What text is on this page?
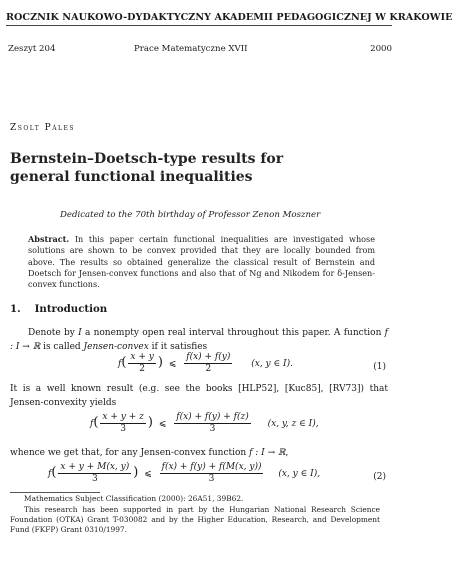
ROCZNIK NAUKOWO-DYDAKTYCZNY AKADEMII PEDAGOGICZNEJ W KRAKOWIE
Zeszyt 204	Prace Matematyczne XVII	2000
Zsolt Páles
Bernstein–Doetsch-type results for general functional inequalities
Dedicated to the 70th birthday of Professor Zenon Moszner
Abstract. In this paper certain functional inequalities are investigated whose solutions are shown to be convex provided that they are locally bounded from above. The results so obtained generalize the classical result of Bernstein and Doetsch for Jensen-convex functions and also that of Ng and Nikodem for δ-Jensen-convex functions.
1. Introduction
Denote by I a nonempty open real interval throughout this paper. A function f : I → ℝ is called Jensen-convex if it satisfies
$f( \frac{x + y}{2}$ ) ⩽ $\frac{f(x) + f(y)}{2} (x$, y ∈ I).	(1)
It is a well known result (e.g. see the books [HLP52], [Kuc85], [RV73]) that Jensen-convexity yields
$f( \frac{x + y + z}{3}$ ) ⩽ $\frac{f(x) + f(y) + f(z)}{3} (x$, y, z ∈ I),
whence we get that, for any Jensen-convex function f : I → ℝ,
$f( \frac{x + y + M(x, y)}{3}$ ) ⩽ $\frac{f(x) + f(y) + f(M(x, y))}{3} (x$, y ∈ I),	(2)
Mathematics Subject Classification (2000): 26A51, 39B62.
This research has been supported in part by the Hungarian National Research Science Foundation (OTKA) Grant T-030082 and by the Higher Education, Research, and Development Fund (FKFP) Grant 0310/1997.
